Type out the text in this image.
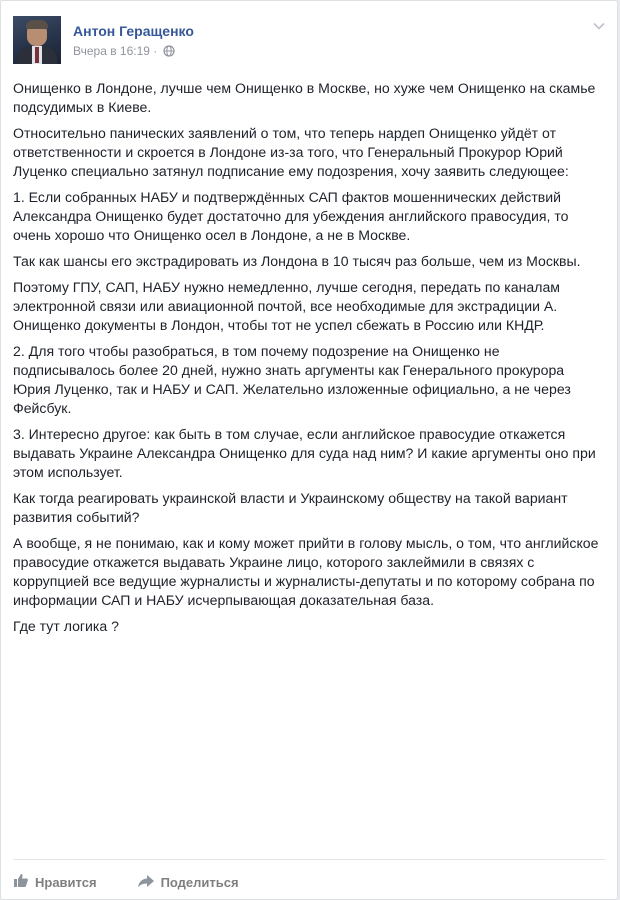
Антон Геращенко
Вчера в 16:19 ·

Онищенко в Лондоне, лучше чем Онищенко в Москве, но хуже чем Онищенко на скамье подсудимых в Киеве.

Относительно панических заявлений о том, что теперь нардеп Онищенко уйдёт от ответственности и скроется в Лондоне из-за того, что Генеральный Прокурор Юрий Луценко специально затянул подписание ему подозрения, хочу заявить следующее:

1. Если собранных НАБУ и подтверждённых САП фактов мошеннических действий Александра Онищенко будет достаточно для убеждения английского правосудия, то очень хорошо что Онищенко осел в Лондоне, а не в Москве.

Так как шансы его экстрадировать из Лондона в 10 тысяч раз больше, чем из Москвы.

Поэтому ГПУ, САП, НАБУ нужно немедленно, лучше сегодня, передать по каналам электронной связи или авиационной почтой, все необходимые для экстрадиции А. Онищенко документы в Лондон, чтобы тот не успел сбежать в Россию или КНДР.

2. Для того чтобы разобраться, в том почему подозрение на Онищенко не подписывалось более 20 дней, нужно знать аргументы как Генерального прокурора Юрия Луценко, так и НАБУ и САП. Желательно изложенные официально, а не через Фейсбук.

3. Интересно другое: как быть в том случае, если английское правосудие откажется выдавать Украине Александра Онищенко для суда над ним? И какие аргументы оно при этом использует.

Как тогда реагировать украинской власти и Украинскому обществу на такой вариант развития событий?

А вообще, я не понимаю, как и кому может прийти в голову мысль, о том, что английское правосудие откажется выдавать Украине лицо, которого заклеймили в связях с коррупцией все ведущие журналисты и журналисты-депутаты и по которому собрана по информации САП и НАБУ исчерпывающая доказательная база.

Где тут логика ?

Нравится	Поделиться
